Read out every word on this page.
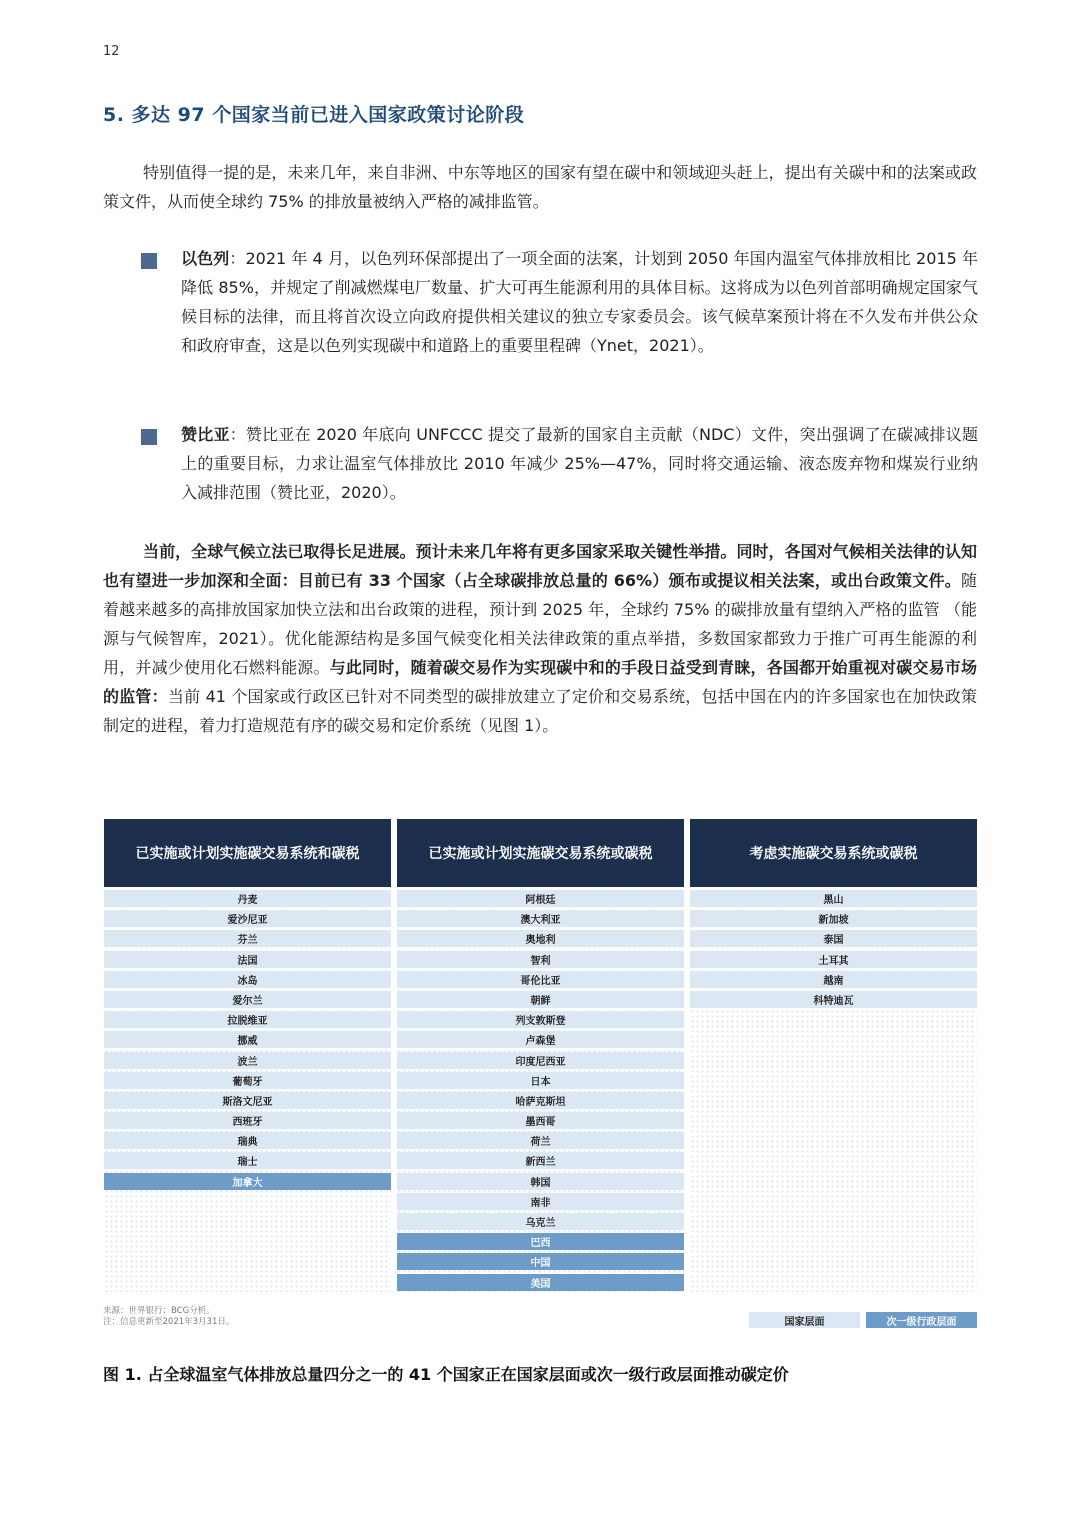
12
5. 多达 97 个国家当前已进入国家政策讨论阶段
特别值得一提的是，未来几年，来自非洲、中东等地区的国家有望在碳中和领域迎头赶上，提出有关碳中和的法案或政策文件，从而使全球约 75% 的排放量被纳入严格的减排监管。
以色列：2021 年 4 月，以色列环保部提出了一项全面的法案，计划到 2050 年国内温室气体排放相比 2015 年降低 85%，并规定了削减燃煤电厂数量、扩大可再生能源利用的具体目标。这将成为以色列首部明确规定国家气候目标的法律，而且将首次设立向政府提供相关建议的独立专家委员会。该气候草案预计将在不久发布并供公众和政府审查，这是以色列实现碳中和道路上的重要里程碑（Ynet，2021）。
赞比亚：赞比亚在 2020 年底向 UNFCCC 提交了最新的国家自主贡献（NDC）文件，突出强调了在碳减排议题上的重要目标，力求让温室气体排放比 2010 年减少 25%—47%，同时将交通运输、液态废弃物和煤炭行业纳入减排范围（赞比亚，2020）。
当前，全球气候立法已取得长足进展。预计未来几年将有更多国家采取关键性举措。同时，各国对气候相关法律的认知也有望进一步加深和全面：目前已有 33 个国家（占全球碳排放总量的 66%）颁布或提议相关法案，或出台政策文件。随着越来越多的高排放国家加快立法和出台政策的进程，预计到 2025 年，全球约 75% 的碳排放量有望纳入严格的监管 （能源与气候智库，2021）。优化能源结构是多国气候变化相关法律政策的重点举措，多数国家都致力于推广可再生能源的利用，并减少使用化石燃料能源。与此同时，随着碳交易作为实现碳中和的手段日益受到青睐，各国都开始重视对碳交易市场的监管：当前 41 个国家或行政区已针对不同类型的碳排放建立了定价和交易系统，包括中国在内的许多国家也在加快政策制定的进程，着力打造规范有序的碳交易和定价系统（见图 1）。
已实施或计划实施碳交易系统和碳税
丹麦
爱沙尼亚
芬兰
法国
冰岛
爱尔兰
拉脱维亚
挪威
波兰
葡萄牙
斯洛文尼亚
西班牙
瑞典
瑞士
加拿大
已实施或计划实施碳交易系统或碳税
阿根廷
澳大利亚
奥地利
智利
哥伦比亚
朝鲜
列支敦斯登
卢森堡
印度尼西亚
日本
哈萨克斯坦
墨西哥
荷兰
新西兰
韩国
南非
乌克兰
巴西
中国
美国
考虑实施碳交易系统或碳税
黑山
新加坡
泰国
土耳其
越南
科特迪瓦
来源：世界银行；BCG分析。
注：信息更新至2021年3月31日。	国家层面	次一级行政层面
图 1. 占全球温室气体排放总量四分之一的 41 个国家正在国家层面或次一级行政层面推动碳定价
